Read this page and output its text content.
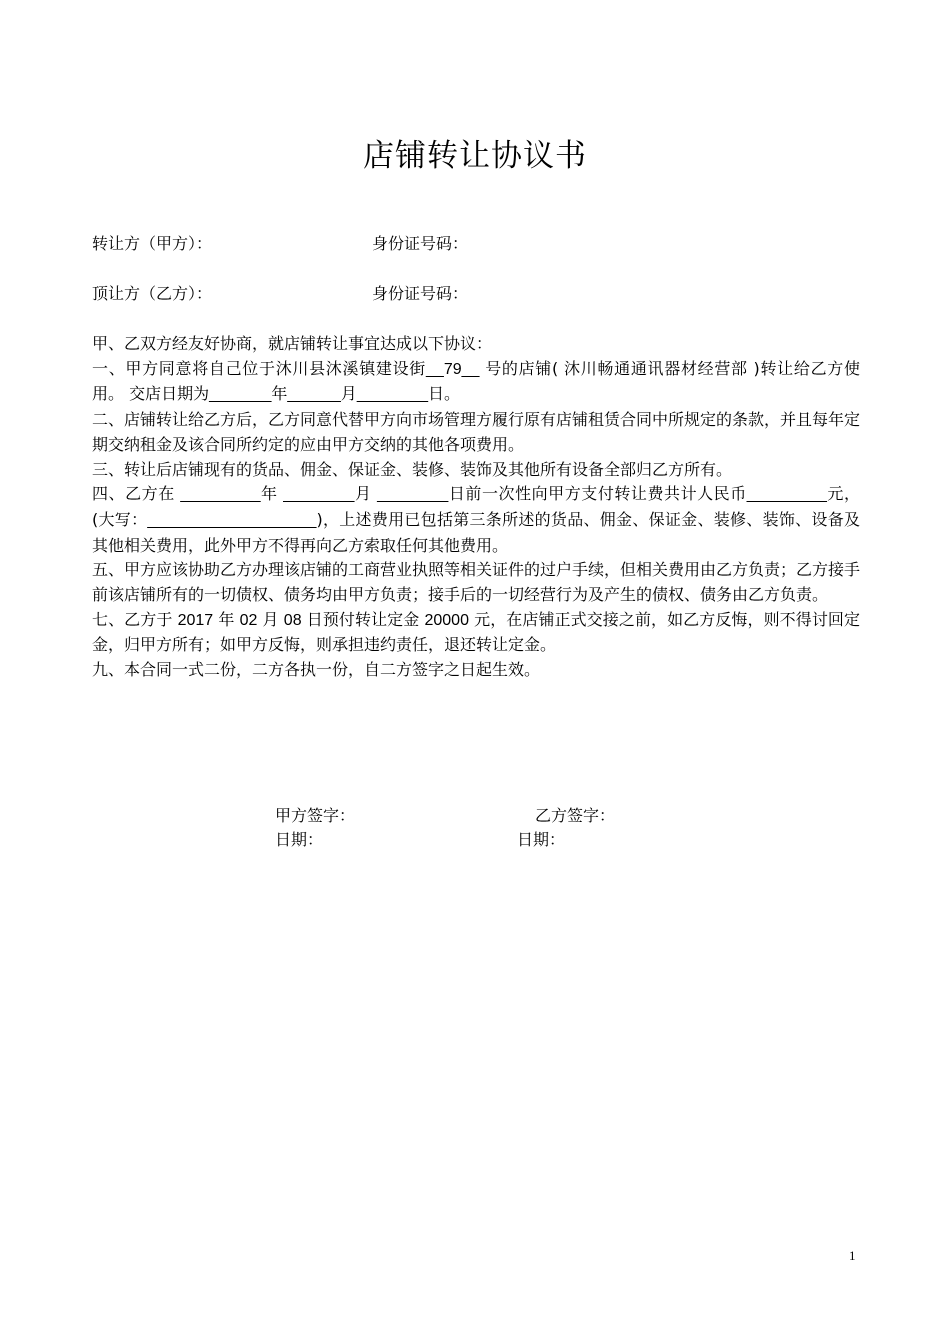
店铺转让协议书
转让方（甲方）：	身份证号码：
顶让方（乙方）：	身份证号码：

甲、乙双方经友好协商，就店铺转让事宜达成以下协议：

一、甲方同意将自己位于沐川县沐溪镇建设街__79__ 号的店铺( 沐川畅通通讯器材经营部 )转让给乙方使用。 交店日期为_______年______月________日。

二、店铺转让给乙方后，乙方同意代替甲方向市场管理方履行原有店铺租赁合同中所规定的条款，并且每年定期交纳租金及该合同所约定的应由甲方交纳的其他各项费用。

三、转让后店铺现有的货品、佣金、保证金、装修、装饰及其他所有设备全部归乙方所有。

四、乙方在 _________年 ________月 ________日前一次性向甲方支付转让费共计人民币_________元，(大写：___________________)，上述费用已包括第三条所述的货品、佣金、保证金、装修、装饰、设备及其他相关费用，此外甲方不得再向乙方索取任何其他费用。

五、甲方应该协助乙方办理该店铺的工商营业执照等相关证件的过户手续，但相关费用由乙方负责；乙方接手前该店铺所有的一切债权、债务均由甲方负责；接手后的一切经营行为及产生的债权、债务由乙方负责。

七、乙方于 2017 年 02 月 08 日预付转让定金 20000 元，在店铺正式交接之前，如乙方反悔，则不得讨回定金，归甲方所有；如甲方反悔，则承担违约责任，退还转让定金。

九、本合同一式二份，二方各执一份，自二方签字之日起生效。

甲方签字：
日期：
乙方签字：
日期：
1
